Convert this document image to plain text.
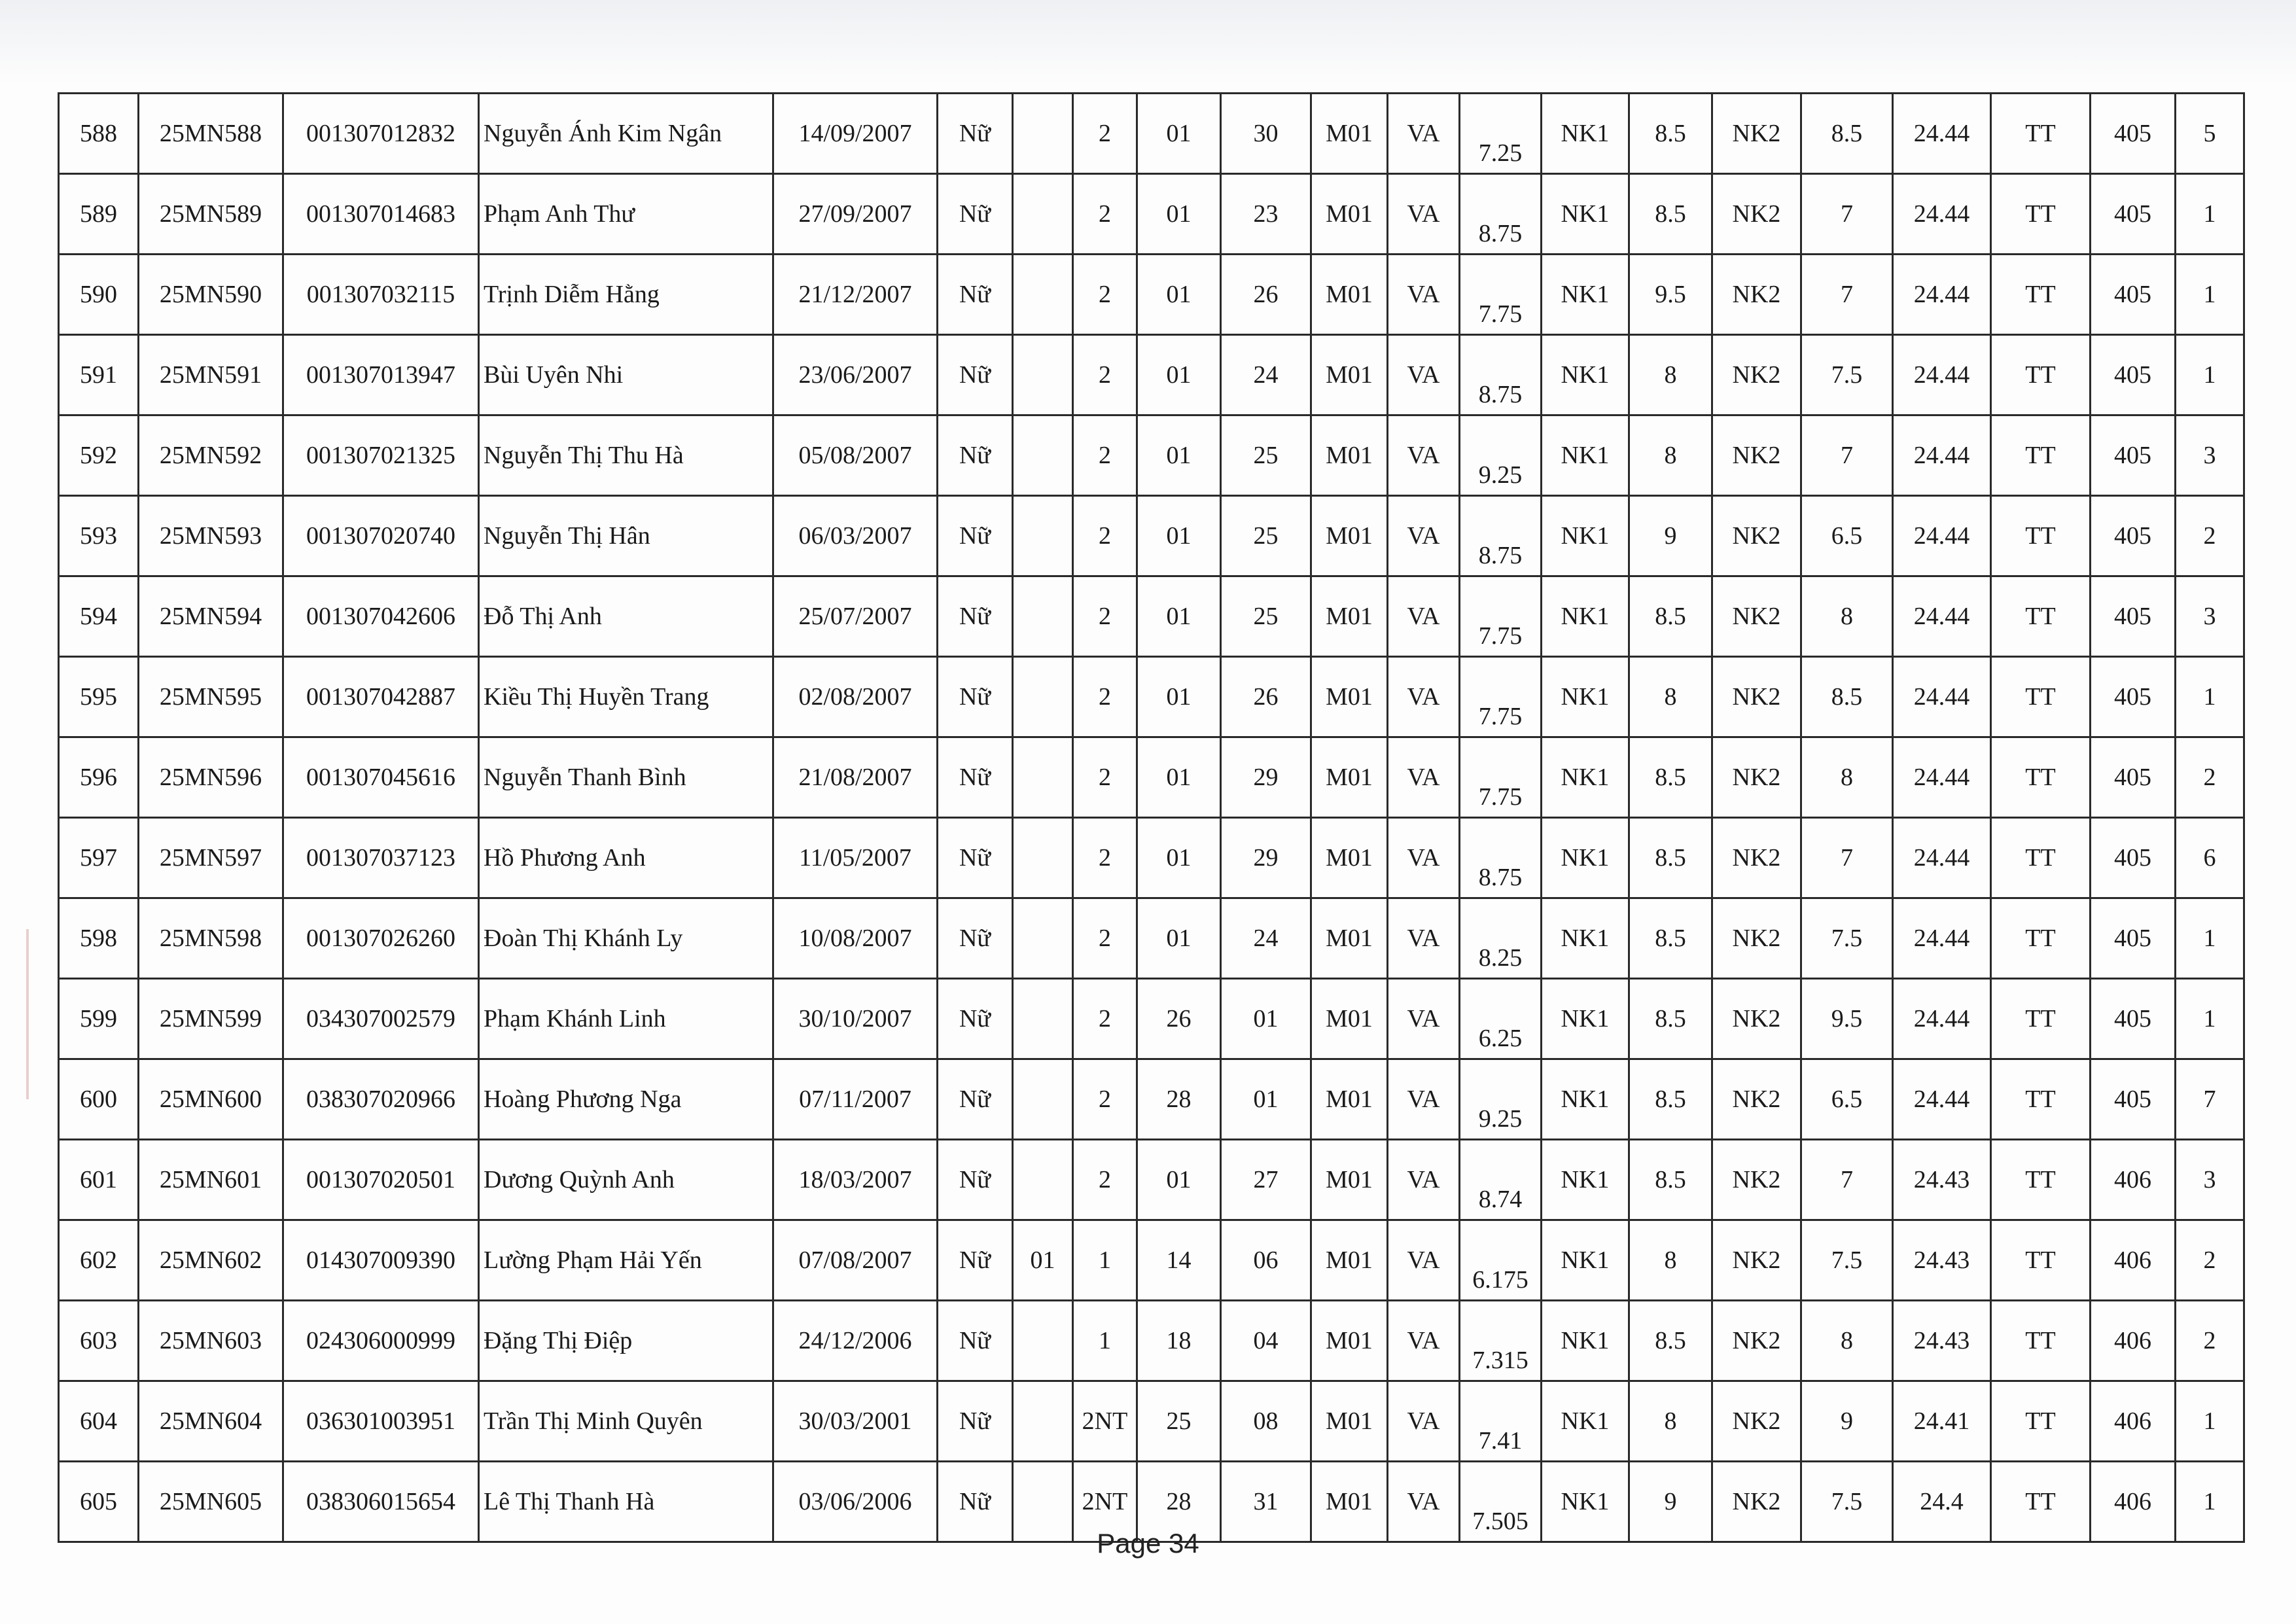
588	25MN588	001307012832	Nguyễn Ánh Kim Ngân	14/09/2007	Nữ		2	01	30	M01	VA	7.25	NK1	8.5	NK2	8.5	24.44	TT	405	5
589	25MN589	001307014683	Phạm Anh Thư	27/09/2007	Nữ		2	01	23	M01	VA	8.75	NK1	8.5	NK2	7	24.44	TT	405	1
590	25MN590	001307032115	Trịnh Diễm Hằng	21/12/2007	Nữ		2	01	26	M01	VA	7.75	NK1	9.5	NK2	7	24.44	TT	405	1
591	25MN591	001307013947	Bùi Uyên Nhi	23/06/2007	Nữ		2	01	24	M01	VA	8.75	NK1	8	NK2	7.5	24.44	TT	405	1
592	25MN592	001307021325	Nguyễn Thị Thu Hà	05/08/2007	Nữ		2	01	25	M01	VA	9.25	NK1	8	NK2	7	24.44	TT	405	3
593	25MN593	001307020740	Nguyễn Thị Hân	06/03/2007	Nữ		2	01	25	M01	VA	8.75	NK1	9	NK2	6.5	24.44	TT	405	2
594	25MN594	001307042606	Đỗ Thị Anh	25/07/2007	Nữ		2	01	25	M01	VA	7.75	NK1	8.5	NK2	8	24.44	TT	405	3
595	25MN595	001307042887	Kiều Thị Huyền Trang	02/08/2007	Nữ		2	01	26	M01	VA	7.75	NK1	8	NK2	8.5	24.44	TT	405	1
596	25MN596	001307045616	Nguyễn Thanh Bình	21/08/2007	Nữ		2	01	29	M01	VA	7.75	NK1	8.5	NK2	8	24.44	TT	405	2
597	25MN597	001307037123	Hồ Phương Anh	11/05/2007	Nữ		2	01	29	M01	VA	8.75	NK1	8.5	NK2	7	24.44	TT	405	6
598	25MN598	001307026260	Đoàn Thị Khánh Ly	10/08/2007	Nữ		2	01	24	M01	VA	8.25	NK1	8.5	NK2	7.5	24.44	TT	405	1
599	25MN599	034307002579	Phạm Khánh Linh	30/10/2007	Nữ		2	26	01	M01	VA	6.25	NK1	8.5	NK2	9.5	24.44	TT	405	1
600	25MN600	038307020966	Hoàng Phương Nga	07/11/2007	Nữ		2	28	01	M01	VA	9.25	NK1	8.5	NK2	6.5	24.44	TT	405	7
601	25MN601	001307020501	Dương Quỳnh Anh	18/03/2007	Nữ		2	01	27	M01	VA	8.74	NK1	8.5	NK2	7	24.43	TT	406	3
602	25MN602	014307009390	Lường Phạm Hải Yến	07/08/2007	Nữ	01	1	14	06	M01	VA	6.175	NK1	8	NK2	7.5	24.43	TT	406	2
603	25MN603	024306000999	Đặng Thị Điệp	24/12/2006	Nữ		1	18	04	M01	VA	7.315	NK1	8.5	NK2	8	24.43	TT	406	2
604	25MN604	036301003951	Trần Thị Minh Quyên	30/03/2001	Nữ		2NT	25	08	M01	VA	7.41	NK1	8	NK2	9	24.41	TT	406	1
605	25MN605	038306015654	Lê Thị Thanh Hà	03/06/2006	Nữ		2NT	28	31	M01	VA	7.505	NK1	9	NK2	7.5	24.4	TT	406	1
Page 34
